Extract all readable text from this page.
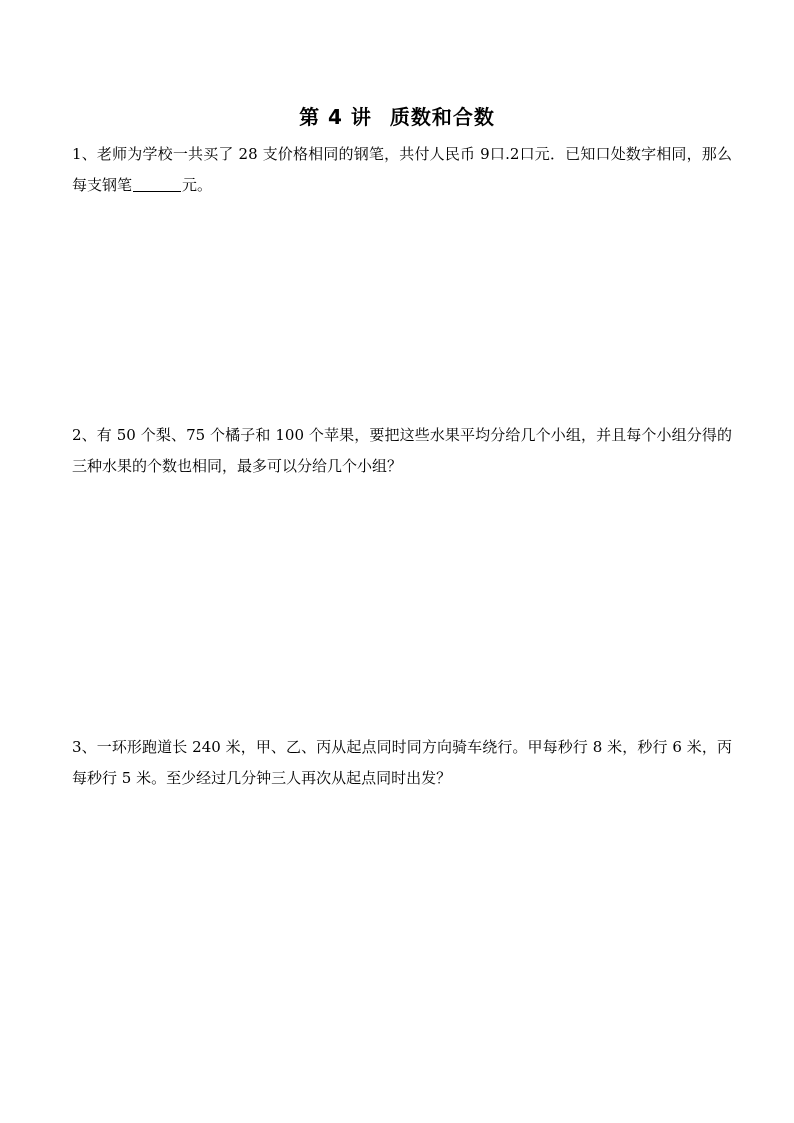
第 4 讲 质数和合数
1、老师为学校一共买了 28 支价格相同的钢笔，共付人民币 9口.2口元．已知口处数字相同，那么每支钢笔	元。
2、有 50 个梨、75 个橘子和 100 个苹果，要把这些水果平均分给几个小组，并且每个小组分得的三种水果的个数也相同，最多可以分给几个小组？
3、一环形跑道长 240 米，甲、乙、丙从起点同时同方向骑车绕行。甲每秒行 8 米，秒行 6 米，丙每秒行 5 米。至少经过几分钟三人再次从起点同时出发？
